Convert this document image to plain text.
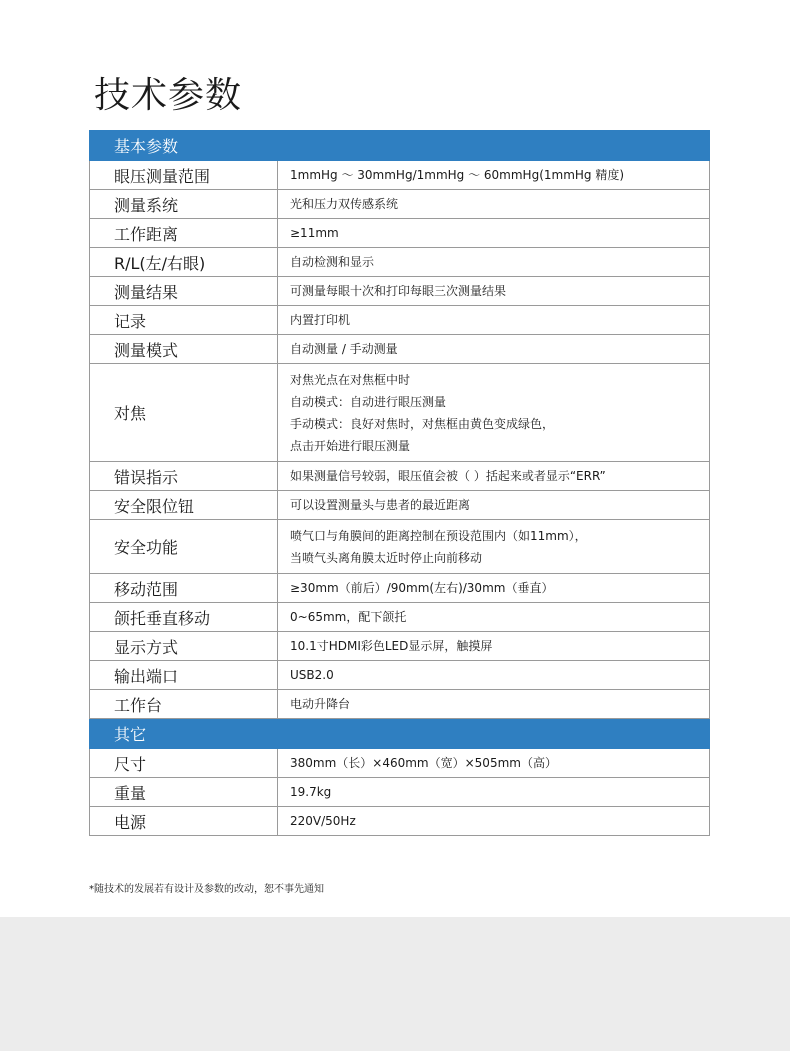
技术参数
基本参数	
眼压测量范围	1mmHg ～ 30mmHg/1mmHg ～ 60mmHg(1mmHg 精度)

测量系统	光和压力双传感系统

工作距离	≥11mm

R/L(左/右眼)	自动检测和显示

测量结果	可测量每眼十次和打印每眼三次测量结果

记录	内置打印机

测量模式	自动测量 / 手动测量

对焦	对焦光点在对焦框中时
自动模式：自动进行眼压测量
手动模式：良好对焦时，对焦框由黄色变成绿色，
点击开始进行眼压测量

错误指示	如果测量信号较弱，眼压值会被（ ）括起来或者显示“ERR”

安全限位钮	可以设置测量头与患者的最近距离

安全功能	喷气口与角膜间的距离控制在预设范围内（如11mm），
当喷气头离角膜太近时停止向前移动

移动范围	≥30mm（前后）/90mm(左右)/30mm（垂直）

颌托垂直移动	0~65mm，配下颌托

显示方式	10.1寸HDMI彩色LED显示屏，触摸屏

输出端口	USB2.0

工作台	电动升降台

其它	
尺寸	380mm（长）×460mm（宽）×505mm（高）

重量	19.7kg

电源	220V/50Hz

*随技术的发展若有设计及参数的改动，恕不事先通知
